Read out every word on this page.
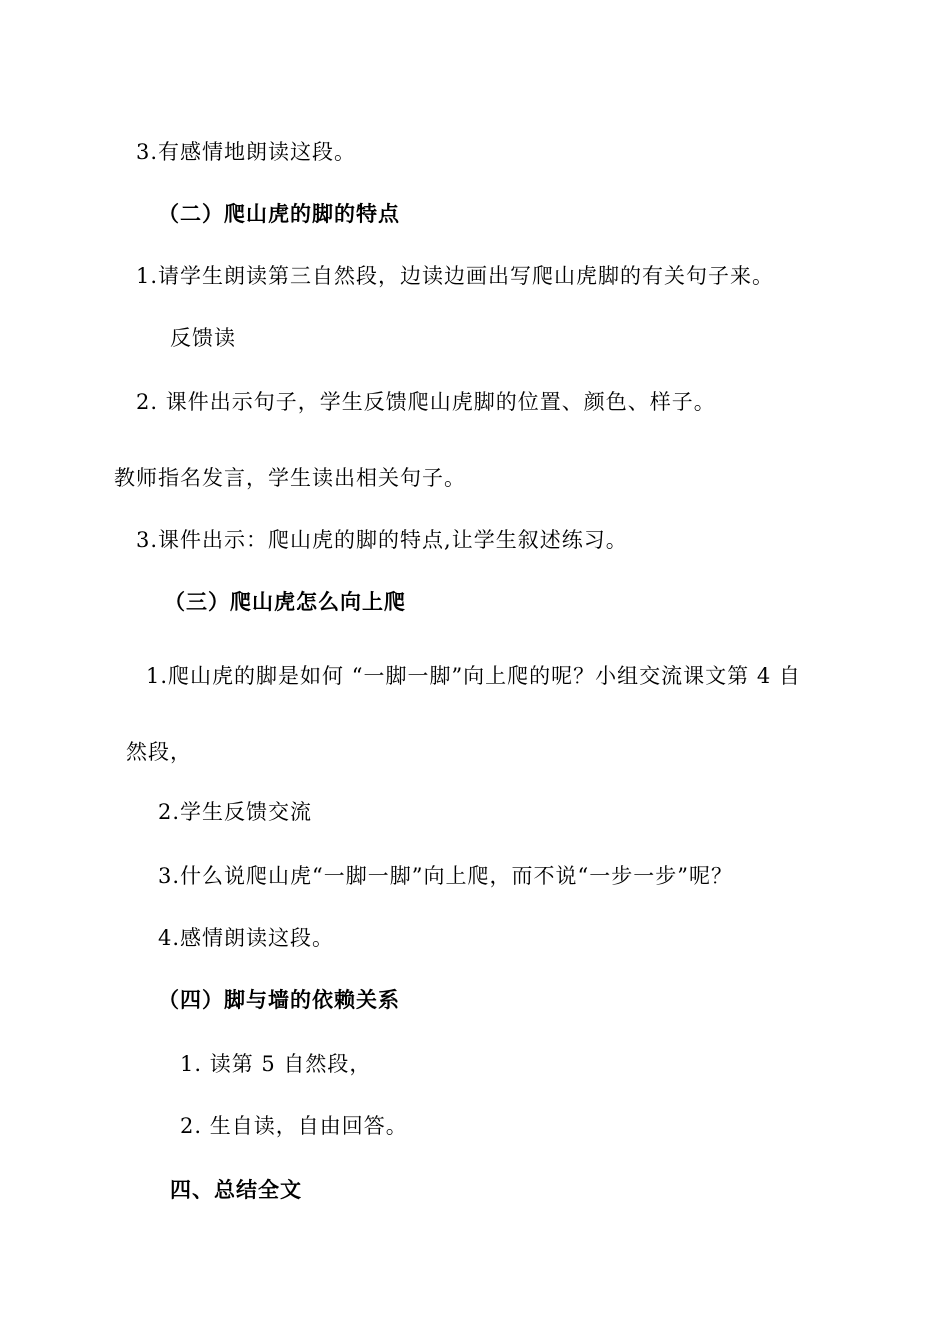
3.有感情地朗读这段。
（二）爬山虎的脚的特点
1.请学生朗读第三自然段，边读边画出写爬山虎脚的有关句子来。
反馈读
2. 课件出示句子，学生反馈爬山虎脚的位置、颜色、样子。
教师指名发言，学生读出相关句子。
3.课件出示：爬山虎的脚的特点,让学生叙述练习。
（三）爬山虎怎么向上爬
1.爬山虎的脚是如何 “一脚一脚”向上爬的呢？小组交流课文第 4 自
然段，
2.学生反馈交流
3.什么说爬山虎“一脚一脚”向上爬，而不说“一步一步”呢？
4.感情朗读这段。
（四）脚与墙的依赖关系
1. 读第 5 自然段，
2. 生自读，自由回答。
四、总结全文
